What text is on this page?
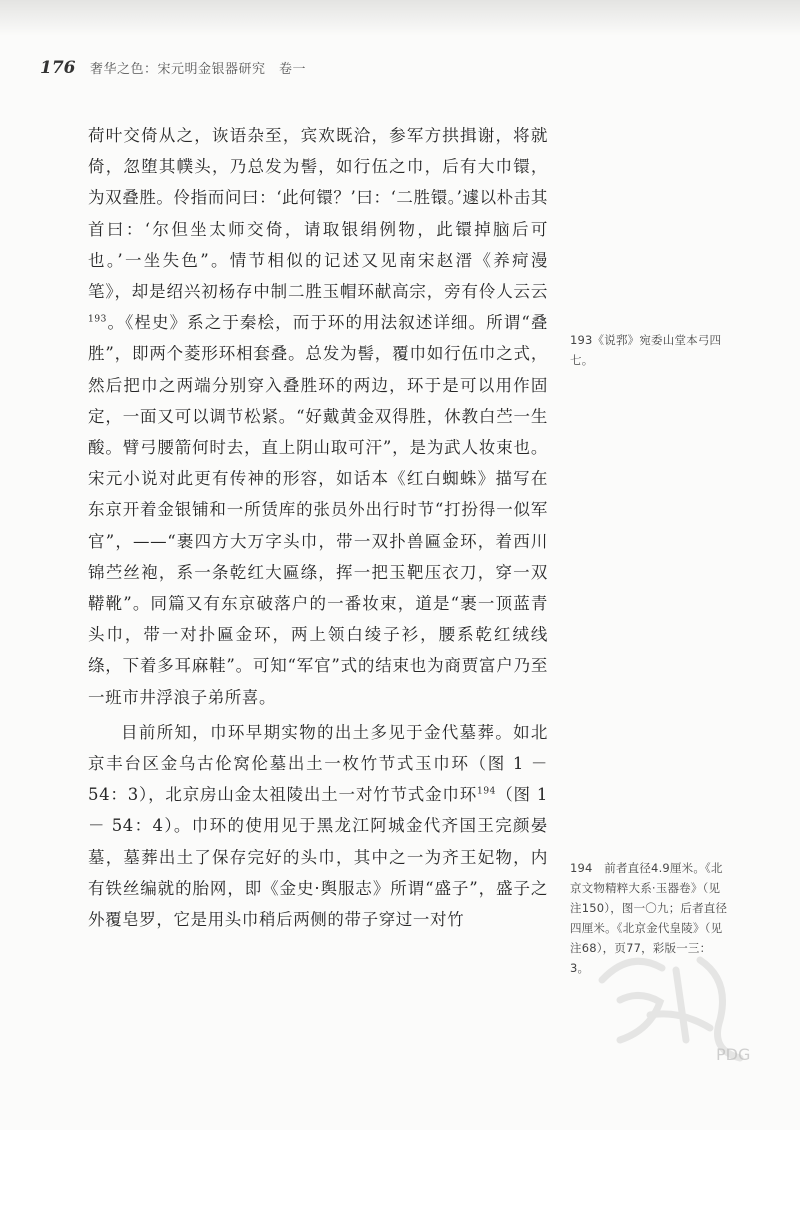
176	奢华之色：宋元明金银器研究　卷一

荷叶交倚从之，诙语杂至，宾欢既洽，参军方拱揖谢，将就倚，忽堕其幞头，乃总发为髻，如行伍之巾，后有大巾镮，为双叠胜。伶指而问曰：‘此何镮？’曰：‘二胜镮。’遽以朴击其首曰：‘尔但坐太师交倚，请取银绢例物，此镮掉脑后可也。’一坐失色”。情节相似的记述又见南宋赵溍《养疴漫笔》，却是绍兴初杨存中制二胜玉帽环献高宗，旁有伶人云云$^{193}$。《桯史》系之于秦桧，而于环的用法叙述详细。所谓“叠胜”，即两个菱形环相套叠。总发为髻，覆巾如行伍巾之式，然后把巾之两端分别穿入叠胜环的两边，环于是可以用作固定，一面又可以调节松紧。“好戴黄金双得胜，休教白苎一生酸。臂弓腰箭何时去，直上阴山取可汗”，是为武人妆束也。宋元小说对此更有传神的形容，如话本《红白蜘蛛》描写在东京开着金银铺和一所赁库的张员外出行时节“打扮得一似军官”，——“裹四方大万字头巾，带一双扑兽匾金环，着西川锦苎丝袍，系一条乾红大匾绦，挥一把玉靶压衣刀，穿一双鞯靴”。同篇又有东京破落户的一番妆束，道是“裹一顶蓝青头巾，带一对扑匾金环，两上领白绫子衫，腰系乾红绒线绦，下着多耳麻鞋”。可知“军官”式的结束也为商贾富户乃至一班市井浮浪子弟所喜。

目前所知，巾环早期实物的出土多见于金代墓葬。如北京丰台区金乌古伦窝伦墓出土一枚竹节式玉巾环（图 1 － 54：3），北京房山金太祖陵出土一对竹节式金巾环$^{194}$（图 1 － 54：4）。巾环的使用见于黑龙江阿城金代齐国王完颜晏墓，墓葬出土了保存完好的头巾，其中之一为齐王妃物，内有铁丝编就的胎网，即《金史·舆服志》所谓“盛子”，盛子之外覆皂罗，它是用头巾稍后两侧的带子穿过一对竹

193《说郛》宛委山堂本弓四七。
194　前者直径4.9厘米。《北京文物精粹大系·玉器卷》（见注150），图一〇九；后者直径四厘米。《北京金代皇陵》（见注68），页77，彩版一三：3。
PDG
